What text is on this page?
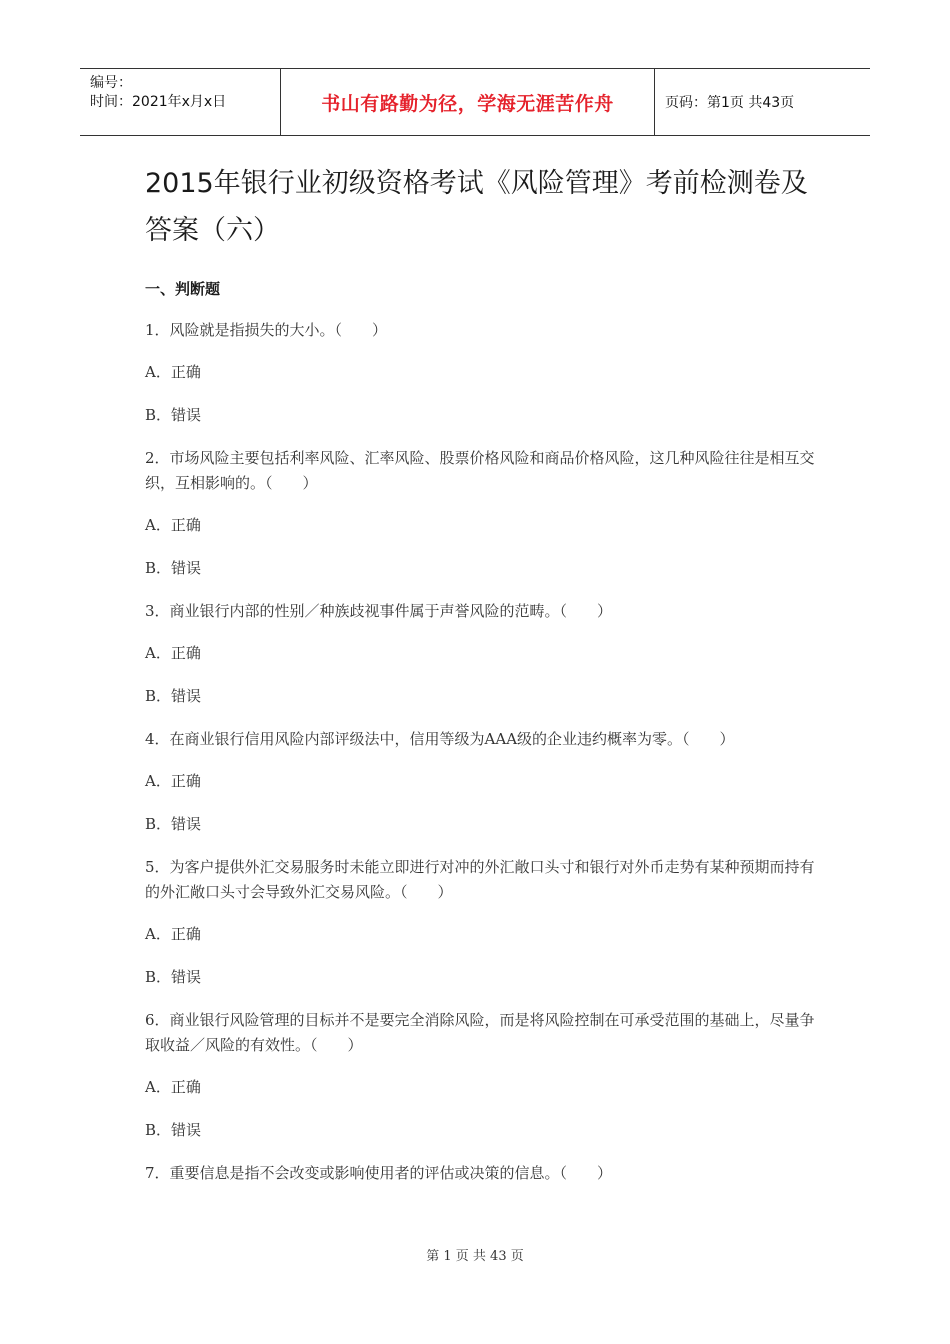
编号：
时间：2021年x月x日	书山有路勤为径，学海无涯苦作舟	页码：第1页 共43页
2015年银行业初级资格考试《风险管理》考前检测卷及答案（六）
一、判断题
1．风险就是指损失的大小。（　　）
A．正确
B．错误
2．市场风险主要包括利率风险、汇率风险、股票价格风险和商品价格风险，这几种风险往往是相互交织，互相影响的。（　　）
A．正确
B．错误
3．商业银行内部的性别／种族歧视事件属于声誉风险的范畴。（　　）
A．正确
B．错误
4．在商业银行信用风险内部评级法中，信用等级为AAA级的企业违约概率为零。（　　）
A．正确
B．错误
5．为客户提供外汇交易服务时未能立即进行对冲的外汇敞口头寸和银行对外币走势有某种预期而持有的外汇敞口头寸会导致外汇交易风险。（　　）
A．正确
B．错误
6．商业银行风险管理的目标并不是要完全消除风险，而是将风险控制在可承受范围的基础上，尽量争取收益／风险的有效性。（　　）
A．正确
B．错误
7．重要信息是指不会改变或影响使用者的评估或决策的信息。（　　）
第 1 页 共 43 页
